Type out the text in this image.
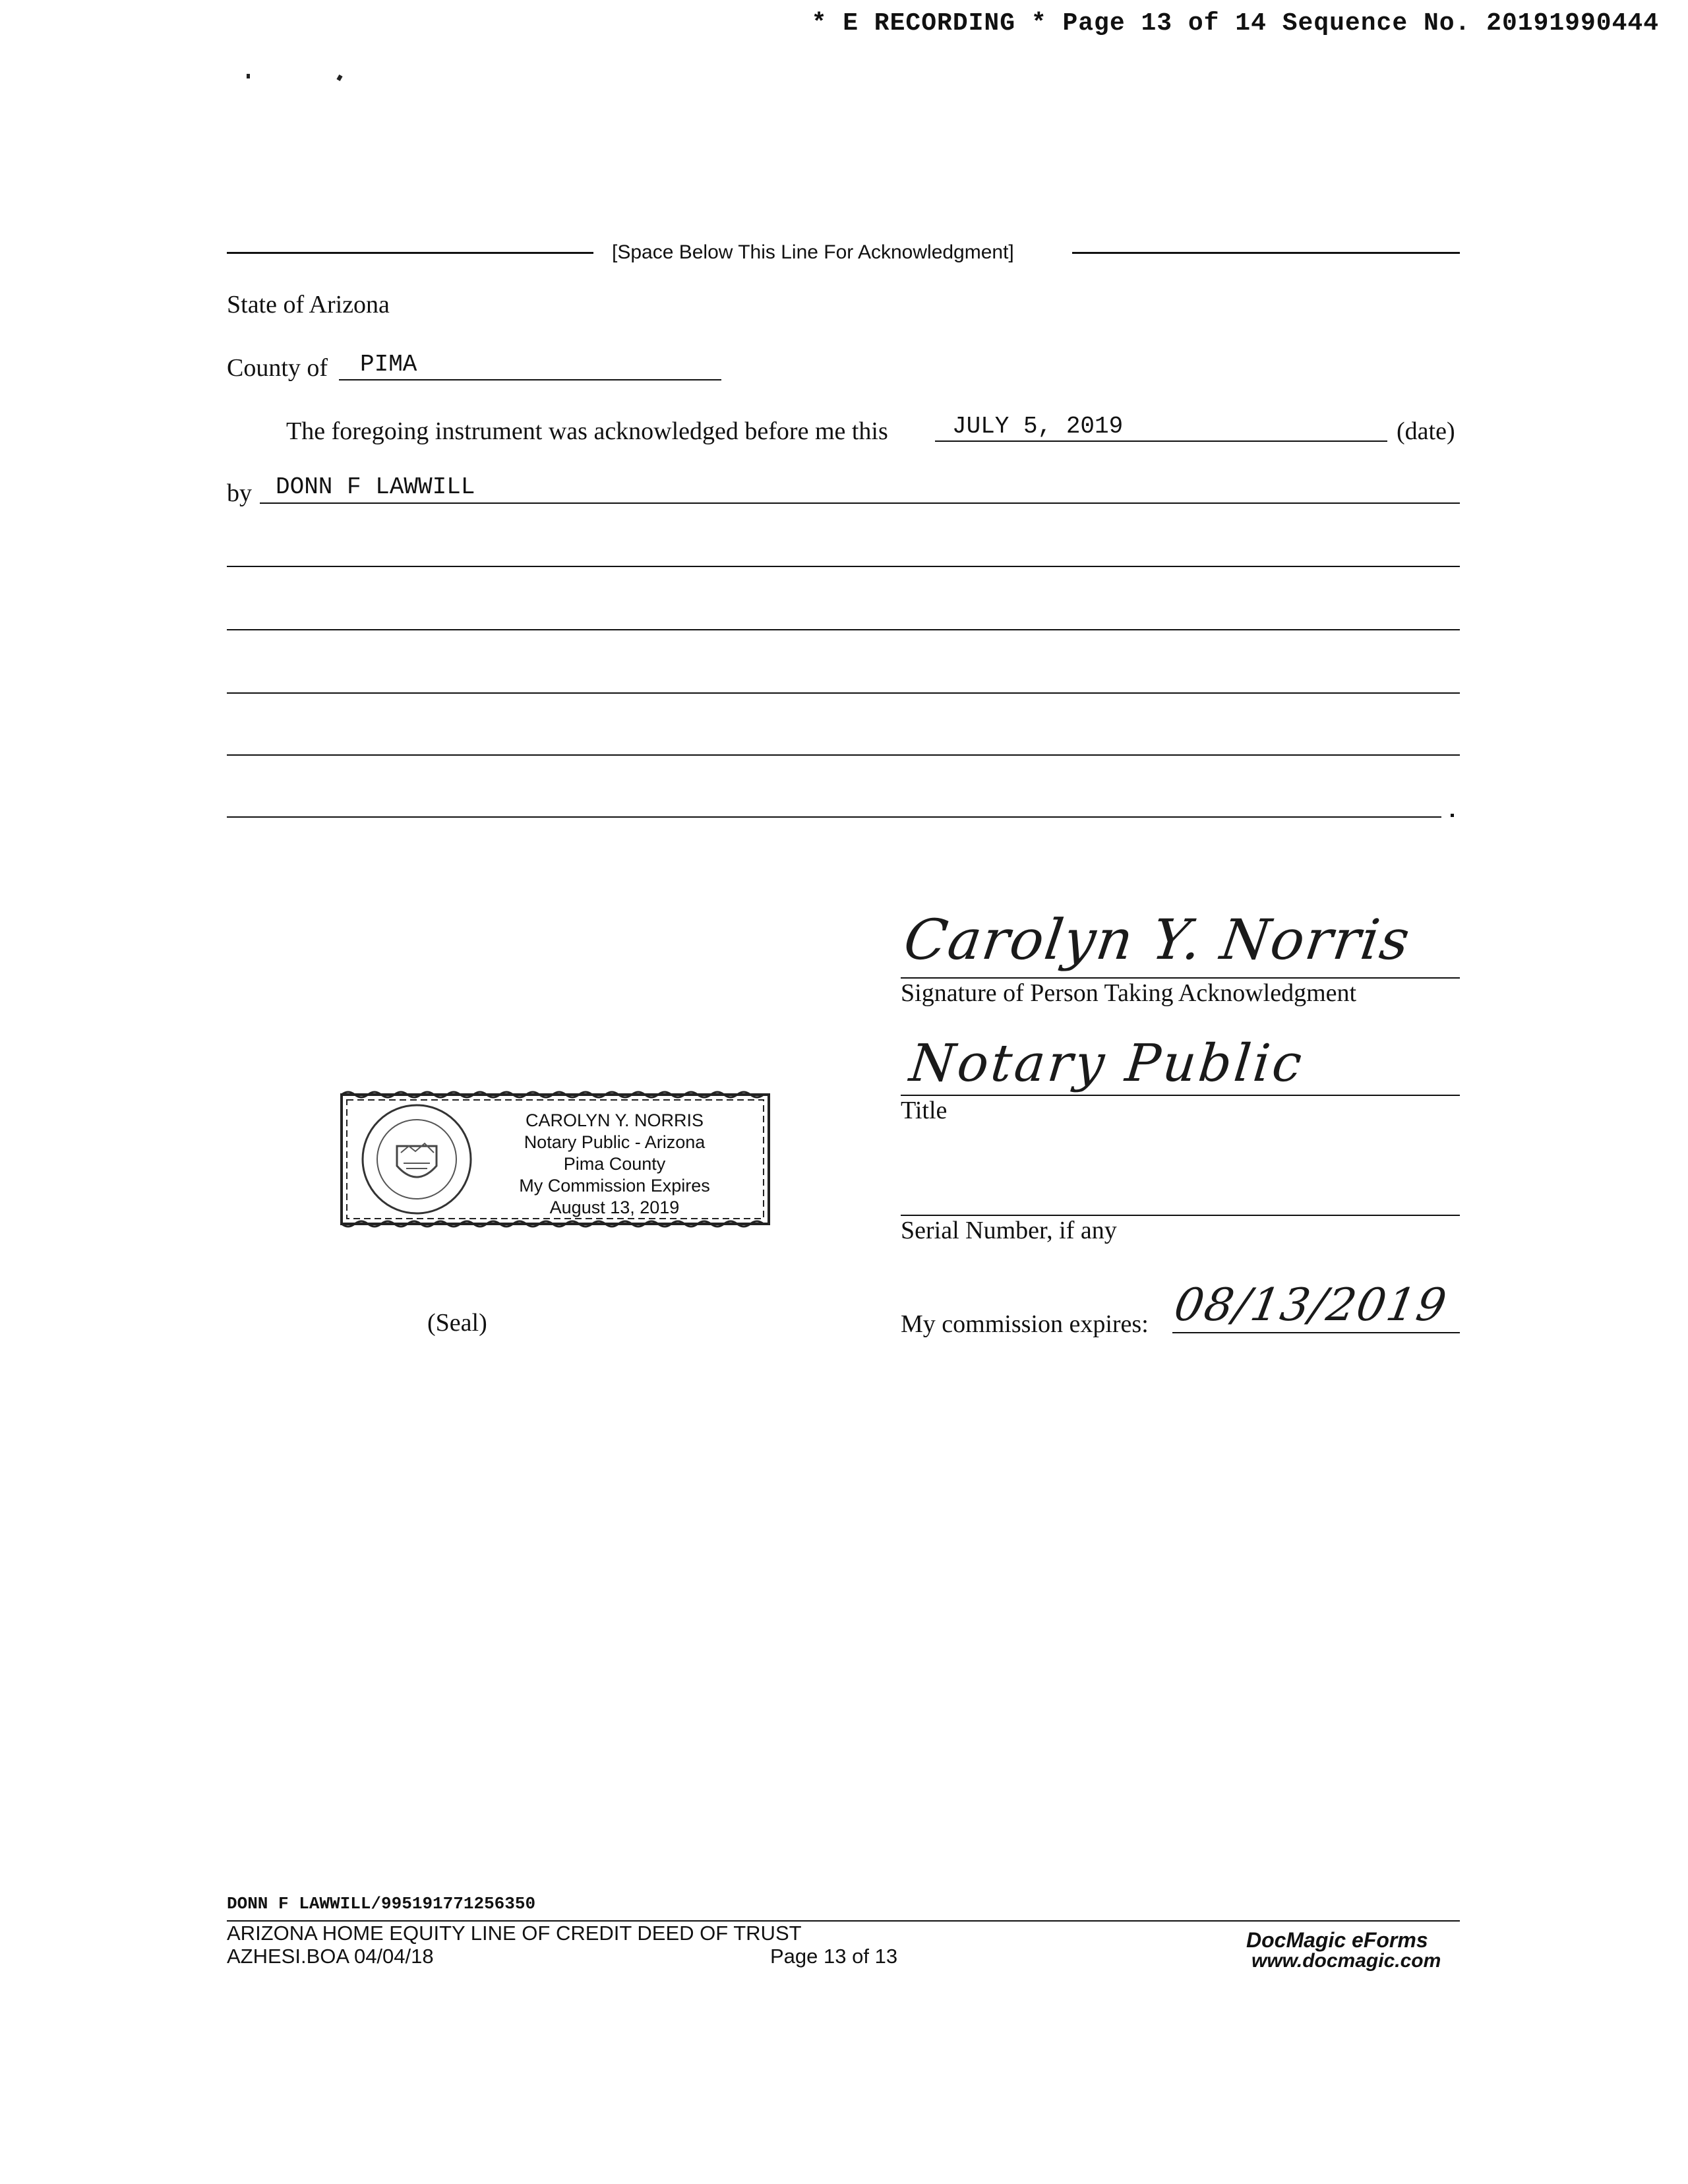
* E RECORDING * Page 13 of 14 Sequence No. 20191990444
[Space Below This Line For Acknowledgment]
State of Arizona
County of PIMA
The foregoing instrument was acknowledged before me this	JULY 5, 2019	(date)
by DONN F LAWWILL
Carolyn Y. Norris
Signature of Person Taking Acknowledgment
Notary Public
Title
Serial Number, if any
My commission expires: 08/13/2019
(Seal)
CAROLYN Y. NORRIS
Notary Public - Arizona
Pima County
My Commission Expires
August 13, 2019
DONN F LAWWILL/995191771256350
ARIZONA HOME EQUITY LINE OF CREDIT DEED OF TRUST
AZHESI.BOA 04/04/18	Page 13 of 13
DocMagic eForms
www.docmagic.com
